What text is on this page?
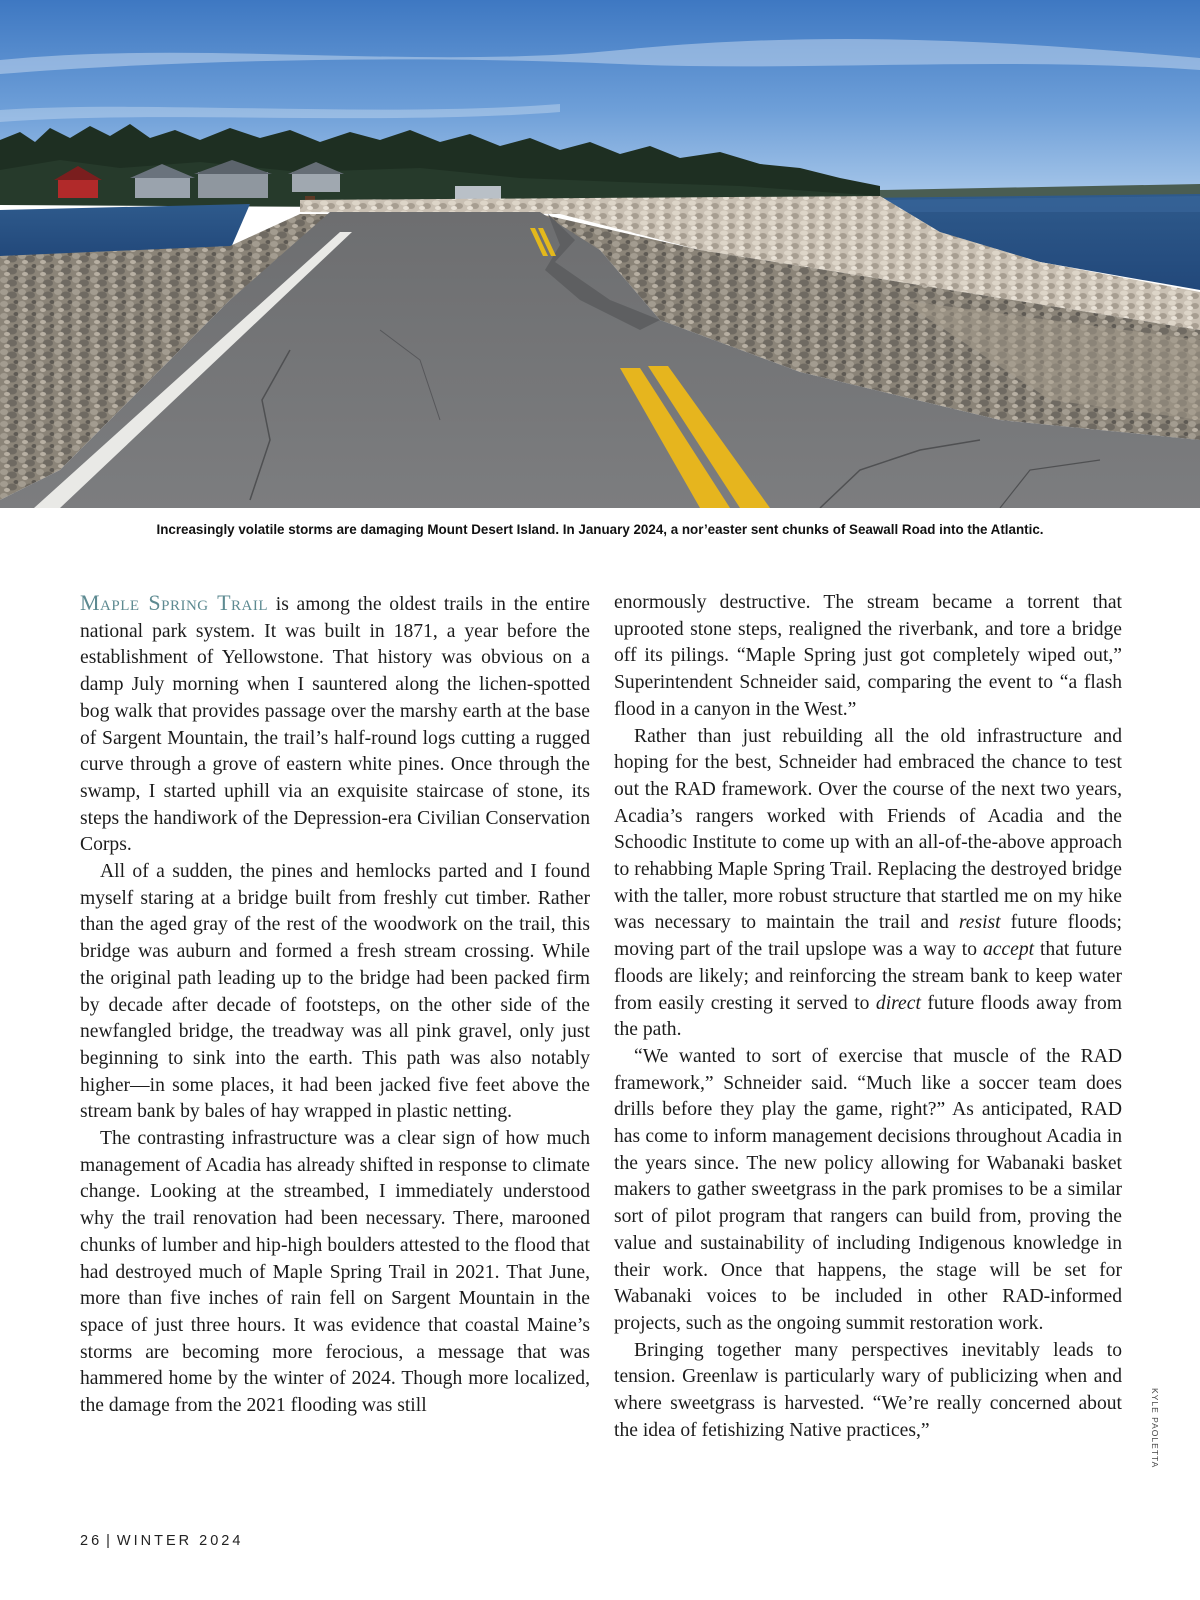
Increasingly volatile storms are damaging Mount Desert Island. In January 2024, a nor’easter sent chunks of Seawall Road into the Atlantic.

Maple Spring Trail is among the oldest trails in the entire national park system. It was built in 1871, a year before the establishment of Yellowstone. That history was obvious on a damp July morning when I sauntered along the lichen-spotted bog walk that provides passage over the marshy earth at the base of Sargent Mountain, the trail’s half-round logs cutting a rugged curve through a grove of eastern white pines. Once through the swamp, I started uphill via an exquisite staircase of stone, its steps the handiwork of the Depression-era Civilian Conservation Corps.

All of a sudden, the pines and hemlocks parted and I found myself staring at a bridge built from freshly cut timber. Rather than the aged gray of the rest of the woodwork on the trail, this bridge was auburn and formed a fresh stream crossing. While the original path leading up to the bridge had been packed firm by decade after decade of footsteps, on the other side of the newfangled bridge, the treadway was all pink gravel, only just beginning to sink into the earth. This path was also notably higher—in some places, it had been jacked five feet above the stream bank by bales of hay wrapped in plastic netting.

The contrasting infrastructure was a clear sign of how much management of Acadia has already shifted in response to climate change. Looking at the streambed, I immediately understood why the trail renovation had been necessary. There, marooned chunks of lumber and hip-high boulders attested to the flood that had destroyed much of Maple Spring Trail in 2021. That June, more than five inches of rain fell on Sargent Mountain in the space of just three hours. It was evidence that coastal Maine’s storms are becoming more ferocious, a message that was hammered home by the winter of 2024. Though more localized, the damage from the 2021 flooding was still

enormously destructive. The stream became a torrent that uprooted stone steps, realigned the riverbank, and tore a bridge off its pilings. “Maple Spring just got completely wiped out,” Superintendent Schneider said, comparing the event to “a flash flood in a canyon in the West.”

Rather than just rebuilding all the old infrastructure and hoping for the best, Schneider had embraced the chance to test out the RAD framework. Over the course of the next two years, Acadia’s rangers worked with Friends of Acadia and the Schoodic Institute to come up with an all-of-the-above approach to rehabbing Maple Spring Trail. Replacing the destroyed bridge with the taller, more robust structure that startled me on my hike was necessary to maintain the trail and resist future floods; moving part of the trail upslope was a way to accept that future floods are likely; and reinforcing the stream bank to keep water from easily cresting it served to direct future floods away from the path.

“We wanted to sort of exercise that muscle of the RAD framework,” Schneider said. “Much like a soccer team does drills before they play the game, right?” As anticipated, RAD has come to inform management decisions throughout Acadia in the years since. The new policy allowing for Wabanaki basket makers to gather sweetgrass in the park promises to be a similar sort of pilot program that rangers can build from, proving the value and sustainability of including Indigenous knowledge in their work. Once that happens, the stage will be set for Wabanaki voices to be included in other RAD-informed projects, such as the ongoing summit restoration work.

Bringing together many perspectives inevitably leads to tension. Greenlaw is particularly wary of publicizing when and where sweetgrass is harvested. “We’re really concerned about the idea of fetishizing Native practices,”	KYLE PAOLETTA
26 | WINTER 2024
